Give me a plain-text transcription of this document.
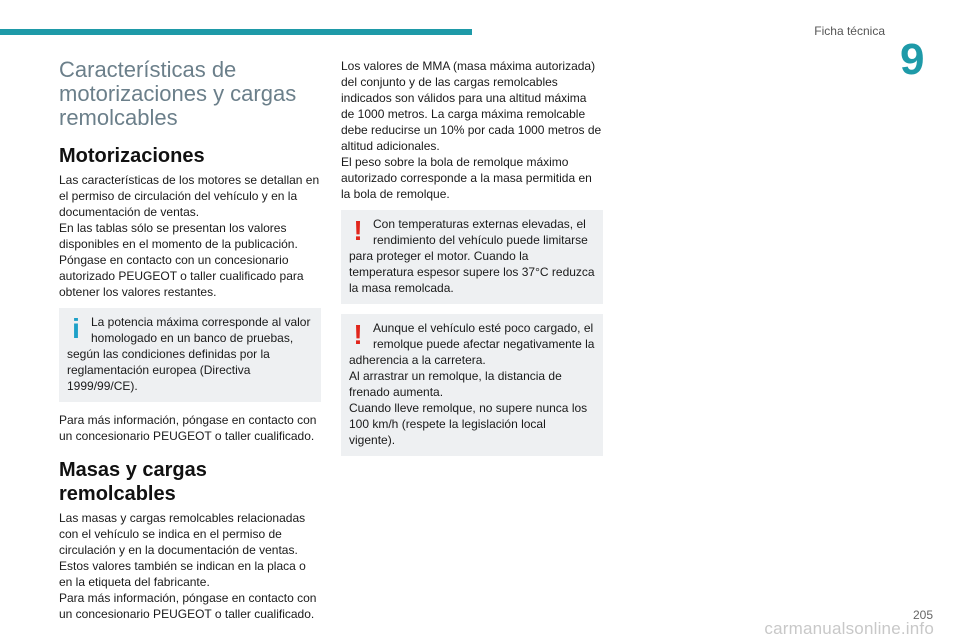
Ficha técnica
9
Características de motorizaciones y cargas remolcables
Motorizaciones

Las características de los motores se detallan en el permiso de circulación del vehículo y en la documentación de ventas.

En las tablas sólo se presentan los valores disponibles en el momento de la publicación.

Póngase en contacto con un concesionario autorizado PEUGEOT o taller cualificado para obtener los valores restantes.

i La potencia máxima corresponde al valor homologado en un banco de pruebas,

según las condiciones definidas por la reglamentación europea (Directiva 1999/99/CE).

Para más información, póngase en contacto con un concesionario PEUGEOT o taller cualificado.

Masas y cargas remolcables

Las masas y cargas remolcables relacionadas con el vehículo se indica en el permiso de circulación y en la documentación de ventas.

Estos valores también se indican en la placa o en la etiqueta del fabricante.

Para más información, póngase en contacto con un concesionario PEUGEOT o taller cualificado.

Los valores de MMA (masa máxima autorizada) del conjunto y de las cargas remolcables indicados son válidos para una altitud máxima de 1000 metros. La carga máxima remolcable debe reducirse un 10% por cada 1000 metros de altitud adicionales.

El peso sobre la bola de remolque máximo autorizado corresponde a la masa permitida en la bola de remolque.

! Con temperaturas externas elevadas, el rendimiento del vehículo puede limitarse

para proteger el motor. Cuando la temperatura espesor supere los 37°C reduzca la masa remolcada.

! Aunque el vehículo esté poco cargado, el remolque puede afectar negativamente la

adherencia a la carretera.

Al arrastrar un remolque, la distancia de frenado aumenta.

Cuando lleve remolque, no supere nunca los 100 km/h (respete la legislación local vigente).

205
carmanualsonline.info
